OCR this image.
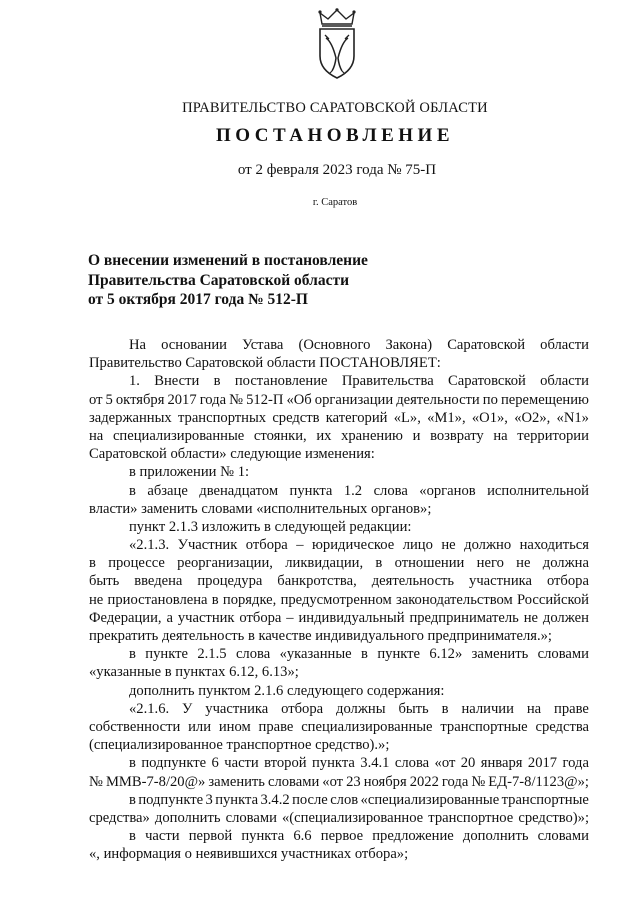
ПРАВИТЕЛЬСТВО САРАТОВСКОЙ ОБЛАСТИ
ПОСТАНОВЛЕНИЕ
от 2 февраля 2023 года № 75-П
г. Саратов
О внесении изменений в постановление
Правительства Саратовской области
от 5 октября 2017 года № 512-П
На основании Устава (Основного Закона) Саратовской области
Правительство Саратовской области ПОСТАНОВЛЯЕТ:
1. Внести в постановление Правительства Саратовской области
от 5 октября 2017 года № 512-П «Об организации деятельности по перемещению
задержанных транспортных средств категорий «L», «M1», «O1», «O2», «N1»
на специализированные стоянки, их хранению и возврату на территории
Саратовской области» следующие изменения:
в приложении № 1:
в абзаце двенадцатом пункта 1.2 слова «органов исполнительной
власти» заменить словами «исполнительных органов»;
пункт 2.1.3 изложить в следующей редакции:
«2.1.3. Участник отбора – юридическое лицо не должно находиться
в процессе реорганизации, ликвидации, в отношении него не должна
быть введена процедура банкротства, деятельность участника отбора
не приостановлена в порядке, предусмотренном законодательством Российской
Федерации, а участник отбора – индивидуальный предприниматель не должен
прекратить деятельность в качестве индивидуального предпринимателя.»;
в пункте 2.1.5 слова «указанные в пункте 6.12» заменить словами
«указанные в пунктах 6.12, 6.13»;
дополнить пунктом 2.1.6 следующего содержания:
«2.1.6. У участника отбора должны быть в наличии на праве
собственности или ином праве специализированные транспортные средства
(специализированное транспортное средство).»;
в подпункте 6 части второй пункта 3.4.1 слова «от 20 января 2017 года
№ ММВ-7-8/20@» заменить словами «от 23 ноября 2022 года № ЕД-7-8/1123@»;
в подпункте 3 пункта 3.4.2 после слов «специализированные транспортные
средства» дополнить словами «(специализированное транспортное средство)»;
в части первой пункта 6.6 первое предложение дополнить словами
«, информация о неявившихся участниках отбора»;
